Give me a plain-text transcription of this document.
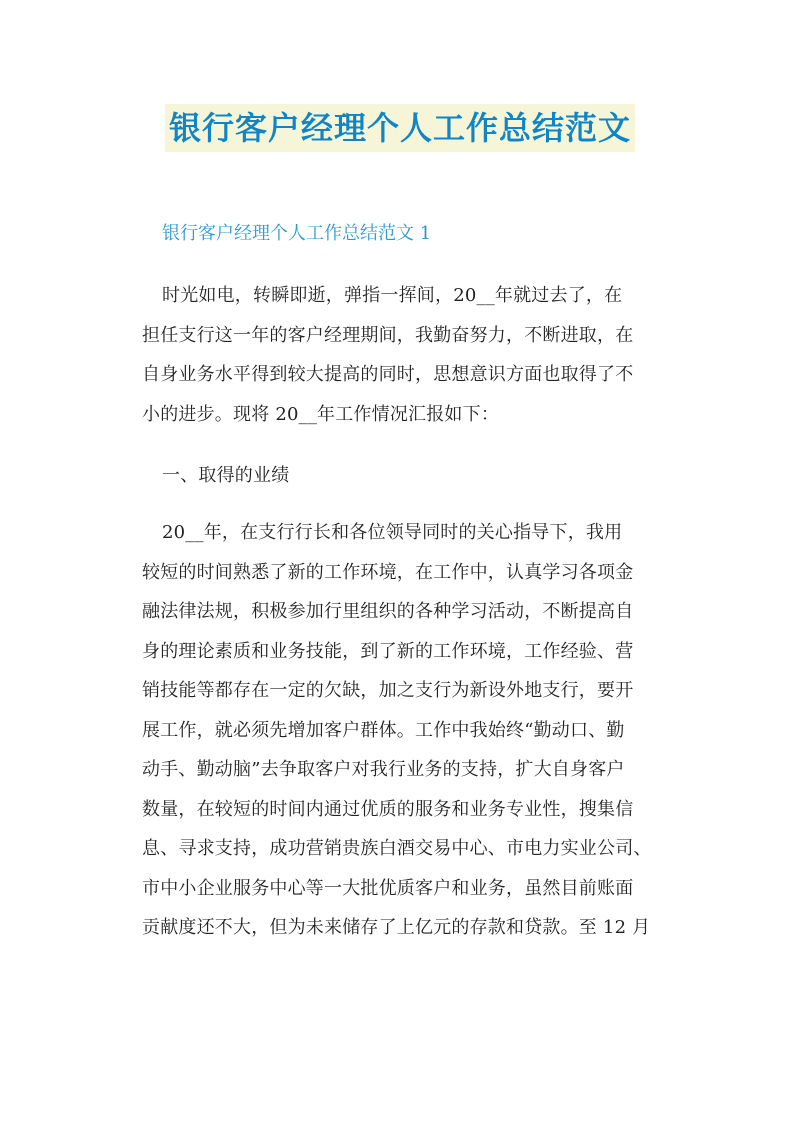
银行客户经理个人工作总结范文
银行客户经理个人工作总结范文 1
时光如电，转瞬即逝，弹指一挥间，20__年就过去了，在
担任支行这一年的客户经理期间，我勤奋努力，不断进取，在
自身业务水平得到较大提高的同时，思想意识方面也取得了不
小的进步。现将 20__年工作情况汇报如下：
一、取得的业绩
20__年，在支行行长和各位领导同时的关心指导下，我用
较短的时间熟悉了新的工作环境，在工作中，认真学习各项金
融法律法规，积极参加行里组织的各种学习活动，不断提高自
身的理论素质和业务技能，到了新的工作环境，工作经验、营
销技能等都存在一定的欠缺，加之支行为新设外地支行，要开
展工作，就必须先增加客户群体。工作中我始终“勤动口、勤
动手、勤动脑”去争取客户对我行业务的支持，扩大自身客户
数量，在较短的时间内通过优质的服务和业务专业性，搜集信
息、寻求支持，成功营销贵族白酒交易中心、市电力实业公司、
市中小企业服务中心等一大批优质客户和业务，虽然目前账面
贡献度还不大，但为未来储存了上亿元的存款和贷款。至 12 月
